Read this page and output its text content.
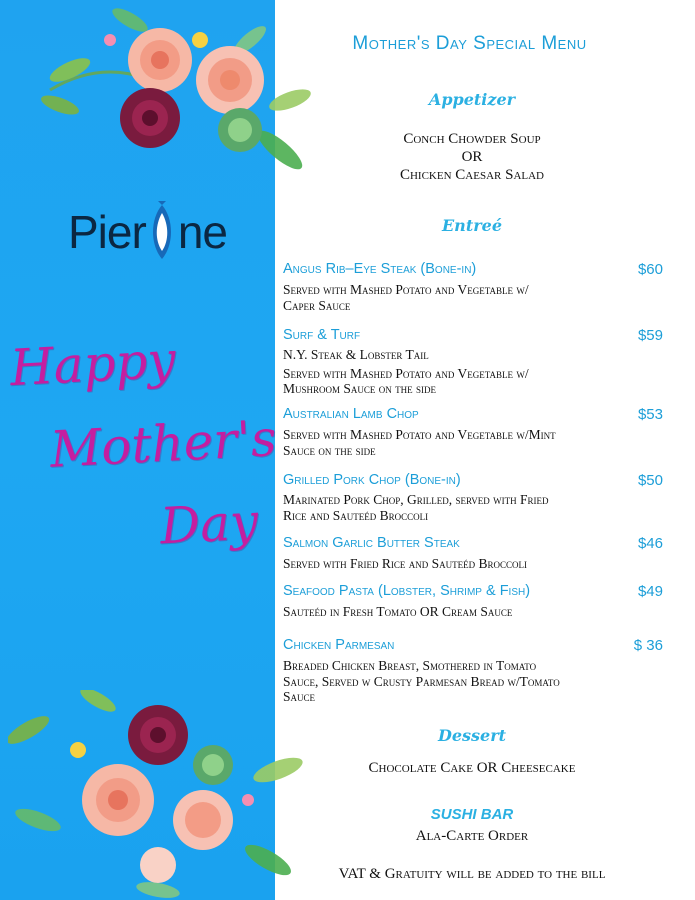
Pier ne
Happy
Mother's
Day
Mother's Day Special Menu
Appetizer
Conch Chowder Soup
OR
Chicken Caesar Salad
Entreé
Angus Rib–Eye Steak (Bone-in)	$60
Served with Mashed Potato and Vegetable w/
Caper Sauce
Surf & Turf	$59
N.Y. Steak & Lobster Tail
Served with Mashed Potato and Vegetable w/
Mushroom Sauce on the side
Australian Lamb Chop	$53
Served with Mashed Potato and Vegetable w/Mint
Sauce on the side
Grilled Pork Chop (Bone-in)	$50
Marinated Pork Chop, Grilled, served with Fried
Rice and Sauteéd Broccoli
Salmon Garlic Butter Steak	$46
Served with Fried Rice and Sauteéd Broccoli
Seafood Pasta (Lobster, Shrimp & Fish)	$49
Sauteéd in Fresh Tomato OR Cream Sauce
Chicken Parmesan	$ 36
Breaded Chicken Breast, Smothered in Tomato
Sauce, Served w Crusty Parmesan Bread w/Tomato
Sauce
Dessert
Chocolate Cake OR Cheesecake
SUSHI BAR
Ala-Carte Order
VAT & Gratuity will be added to the bill
